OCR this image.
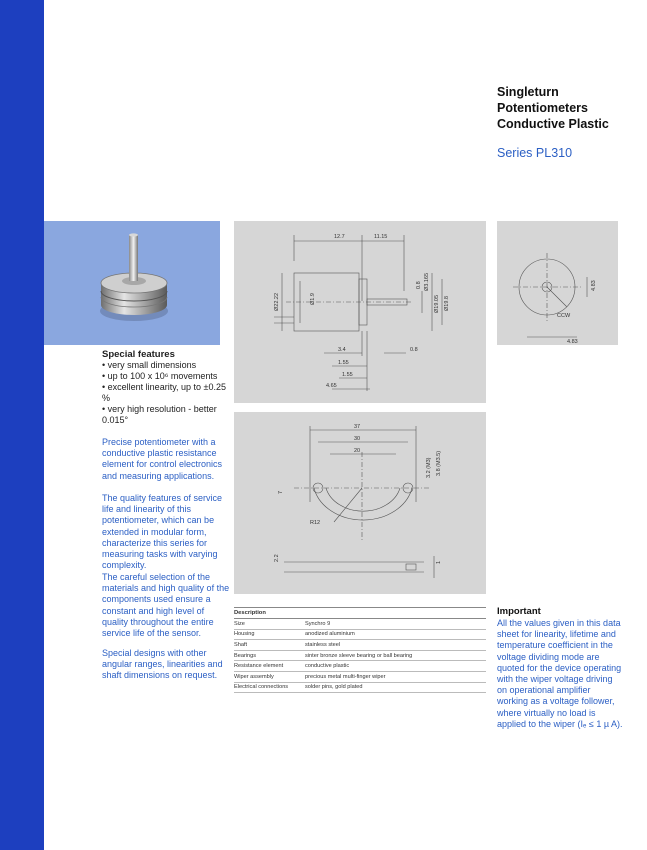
Singleturn
Potentiometers
Conductive Plastic
Series PL310
12.7	11.15
Ø22.22	Ø1.9
0.8 Ø3.165
Ø19.05 Ø19.8
3.4	0.8
1.55
1.55
4.65
4.83
CCW
4.83
37
30
20
7
R12
3.2 (M3) 3.8 (M3.5)
2.2
1
Special features
• very small dimensions
• up to 100 x 10⁶ movements
• excellent linearity, up to ±0.25 %
• very high resolution - better 0.015°

Precise potentiometer with a conductive plastic resistance element for control electronics and measuring applications.

The quality features of service life and linearity of this potentiometer, which can be extended in modular form, characterize this series for measuring tasks with varying complexity.

The careful selection of the materials and high quality of the components used ensure a constant and high level of quality throughout the entire service life of the sensor.

Special designs with other angular ranges, linearities and shaft dimensions on request.

Description
Size	Synchro 9
Housing	anodized aluminium
Shaft	stainless steel
Bearings	sinter bronze sleeve bearing or ball bearing
Resistance element	conductive plastic
Wiper assembly	precious metal multi-finger wiper
Electrical connections	solder pins, gold plated
Important

All the values given in this data sheet for linearity, lifetime and temperature coefficient in the voltage dividing mode are quoted for the device operating with the wiper voltage driving on operational amplifier working as a voltage follower, where virtually no load is applied to the wiper (Iₑ ≤ 1 µ A).
